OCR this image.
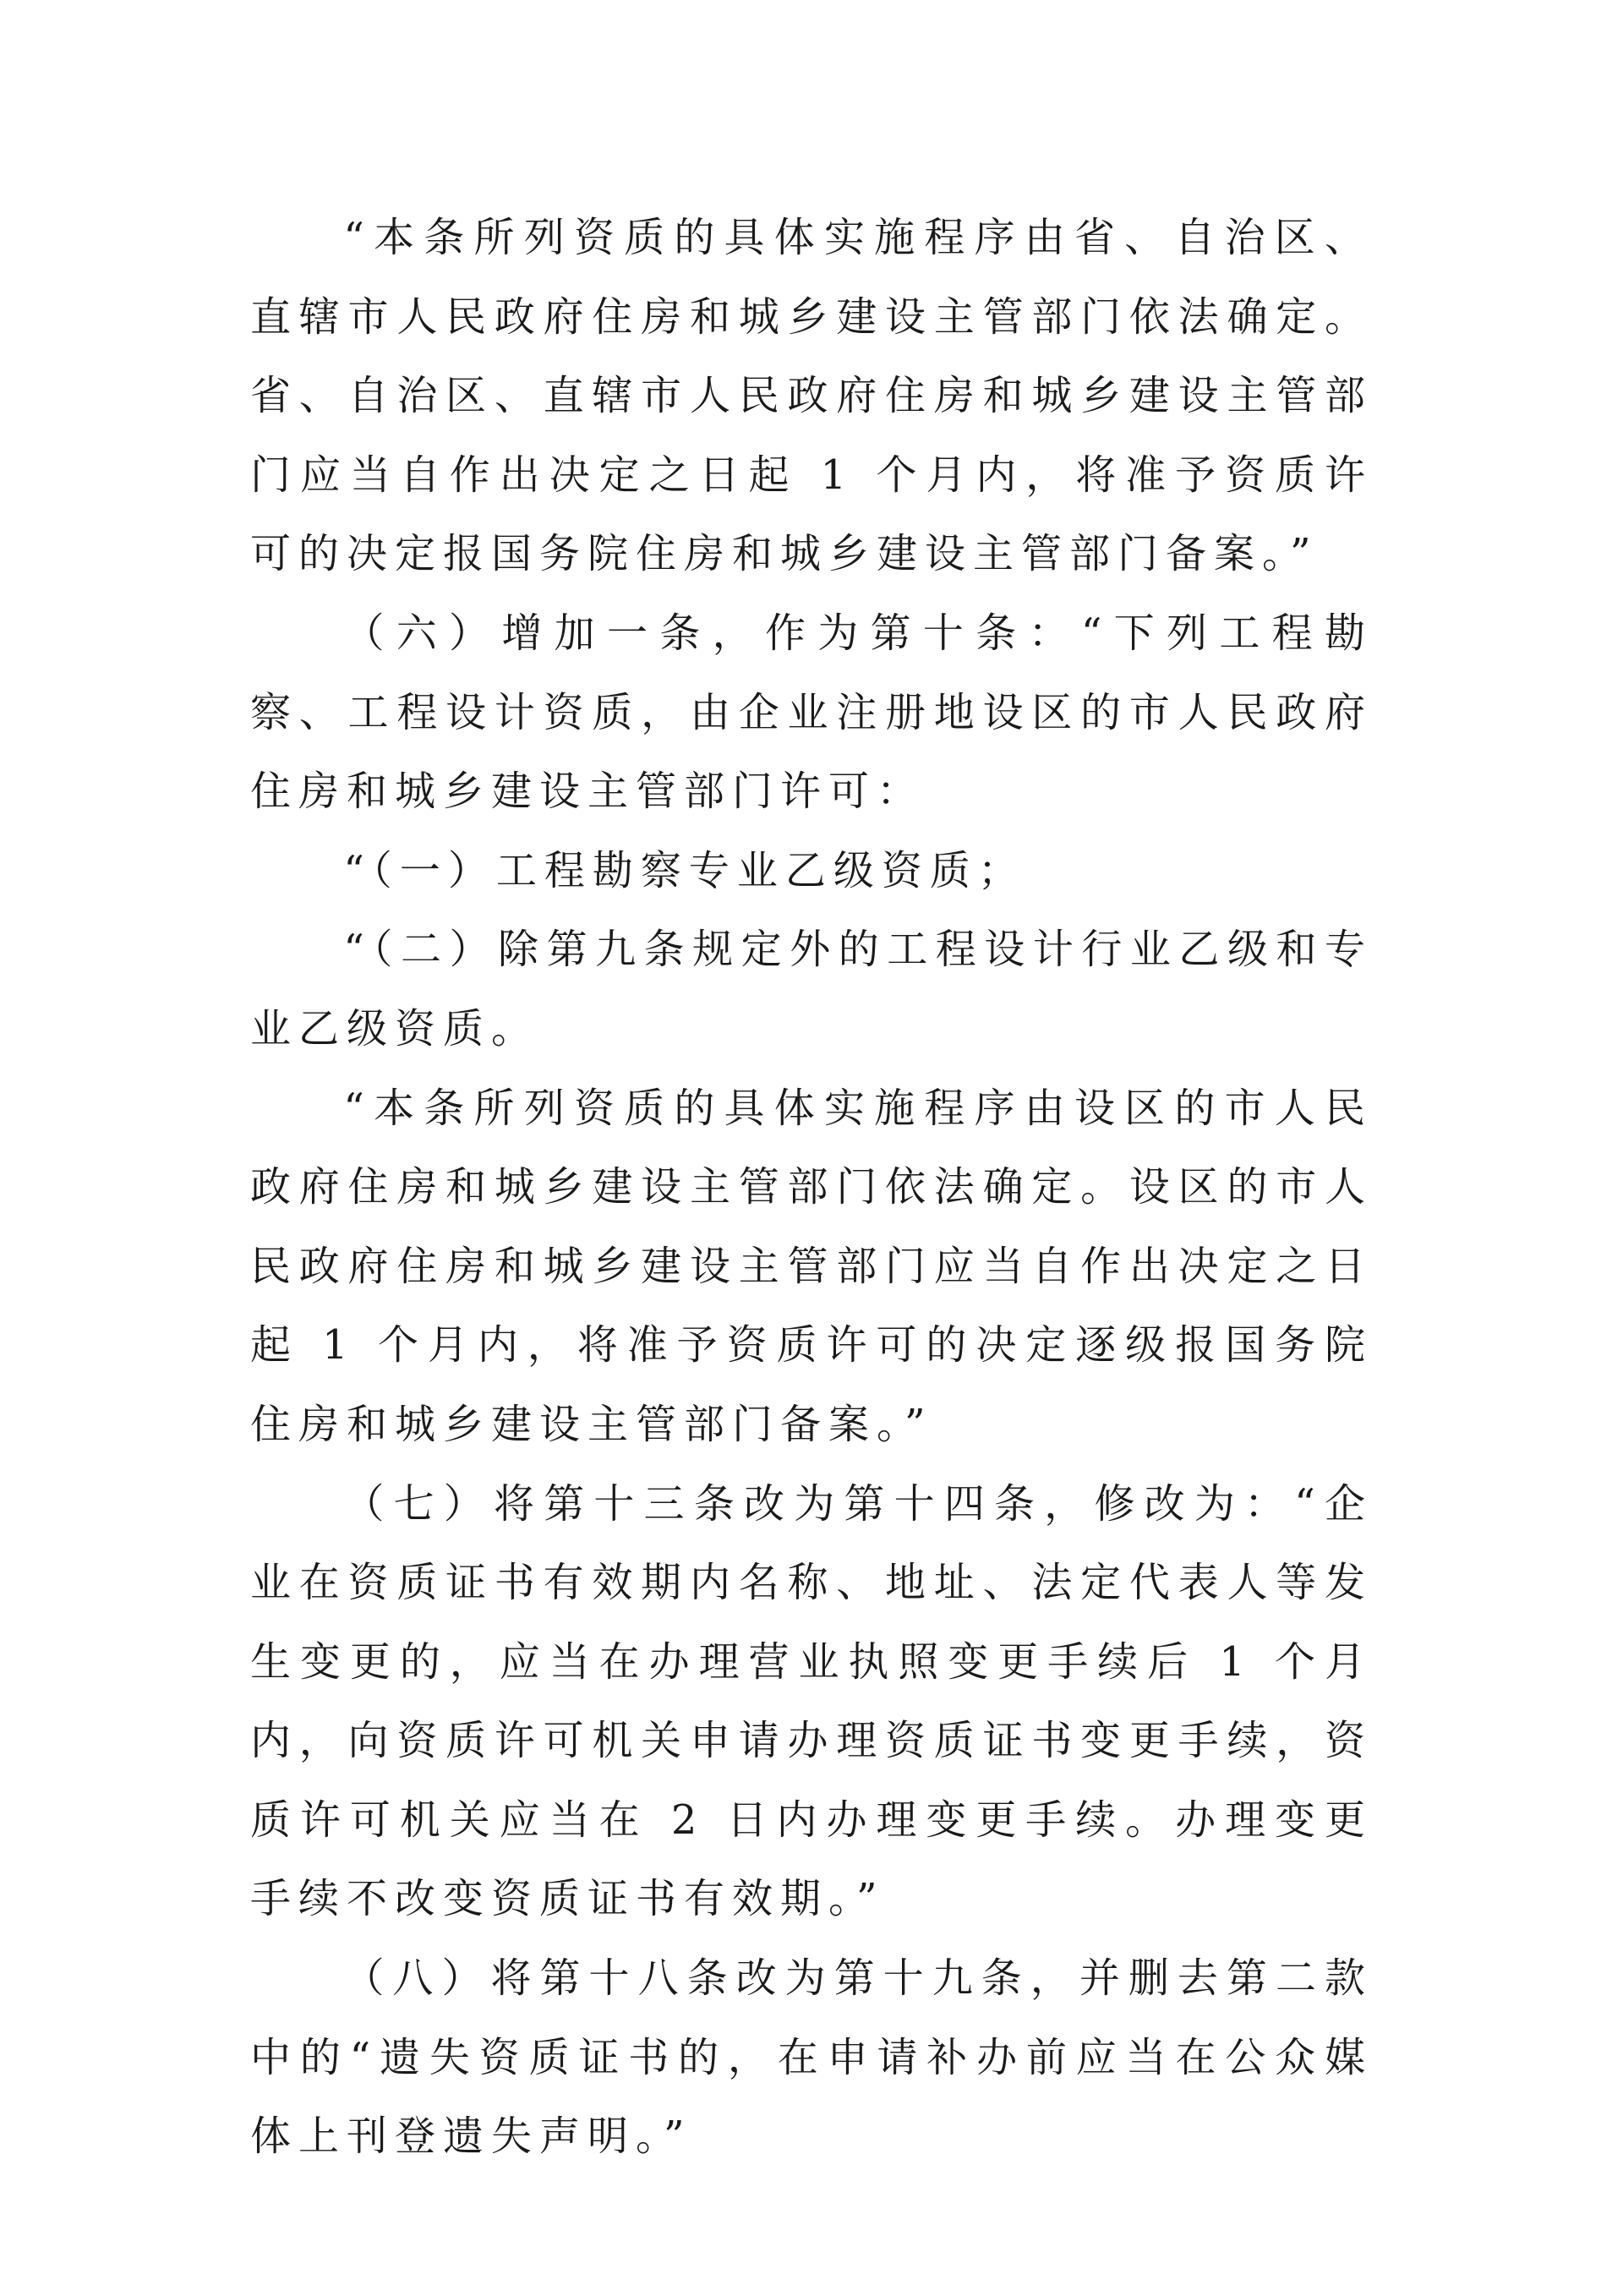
“本条所列资质的具体实施程序由省、自治区、直辖市人民政府住房和城乡建设主管部门依法确定。省、自治区、直辖市人民政府住房和城乡建设主管部门应当自作出决定之日起 1 个月内，将准予资质许可的决定报国务院住房和城乡建设主管部门备案。”

（六）增加一条，作为第十条：“下列工程勘察、工程设计资质，由企业注册地设区的市人民政府住房和城乡建设主管部门许可：

“（一）工程勘察专业乙级资质；

“（二）除第九条规定外的工程设计行业乙级和专业乙级资质。

“本条所列资质的具体实施程序由设区的市人民政府住房和城乡建设主管部门依法确定。设区的市人民政府住房和城乡建设主管部门应当自作出决定之日起 1 个月内，将准予资质许可的决定逐级报国务院住房和城乡建设主管部门备案。”

（七）将第十三条改为第十四条，修改为：“企业在资质证书有效期内名称、地址、法定代表人等发生变更的，应当在办理营业执照变更手续后 1 个月内，向资质许可机关申请办理资质证书变更手续，资质许可机关应当在 2 日内办理变更手续。办理变更手续不改变资质证书有效期。”

（八）将第十八条改为第十九条，并删去第二款中的“遗失资质证书的，在申请补办前应当在公众媒体上刊登遗失声明。”
